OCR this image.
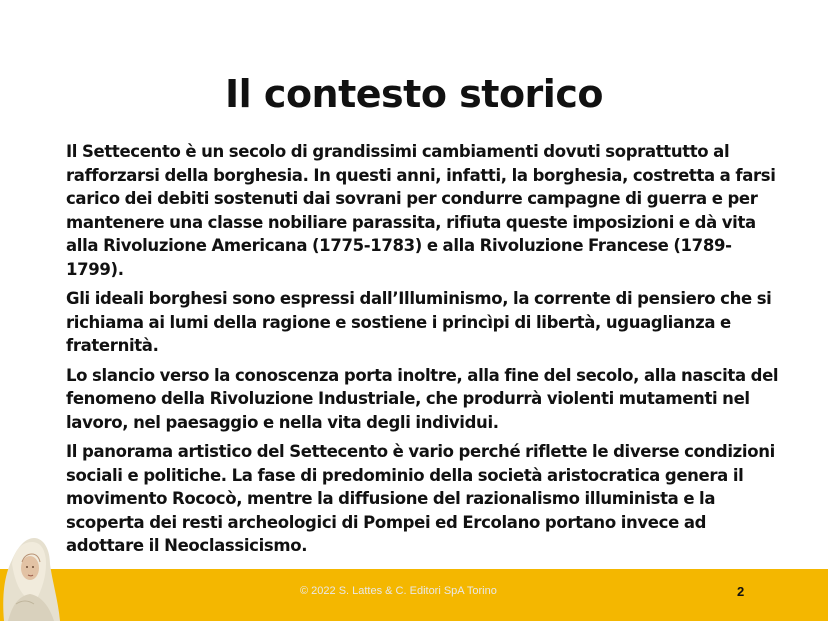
Il contesto storico

Il Settecento è un secolo di grandissimi cambiamenti dovuti soprattutto al rafforzarsi della borghesia. In questi anni, infatti, la borghesia, costretta a farsi carico dei debiti sostenuti dai sovrani per condurre campagne di guerra e per mantenere una classe nobiliare parassita, rifiuta queste imposizioni e dà vita alla Rivoluzione Americana (1775-1783) e alla Rivoluzione Francese (1789-1799).

Gli ideali borghesi sono espressi dall’Illuminismo, la corrente di pensiero che si richiama ai lumi della ragione e sostiene i princìpi di libertà, uguaglianza e fraternità.

Lo slancio verso la conoscenza porta inoltre, alla fine del secolo, alla nascita del fenomeno della Rivoluzione Industriale, che produrrà violenti mutamenti nel lavoro, nel paesaggio e nella vita degli individui.

Il panorama artistico del Settecento è vario perché riflette le diverse condizioni sociali e politiche. La fase di predominio della società aristocratica genera il movimento Rococò, mentre la diffusione del razionalismo illuminista e la scoperta dei resti archeologici di Pompei ed Ercolano portano invece ad adottare il Neoclassicismo.

© 2022 S. Lattes & C. Editori SpA Torino	2
